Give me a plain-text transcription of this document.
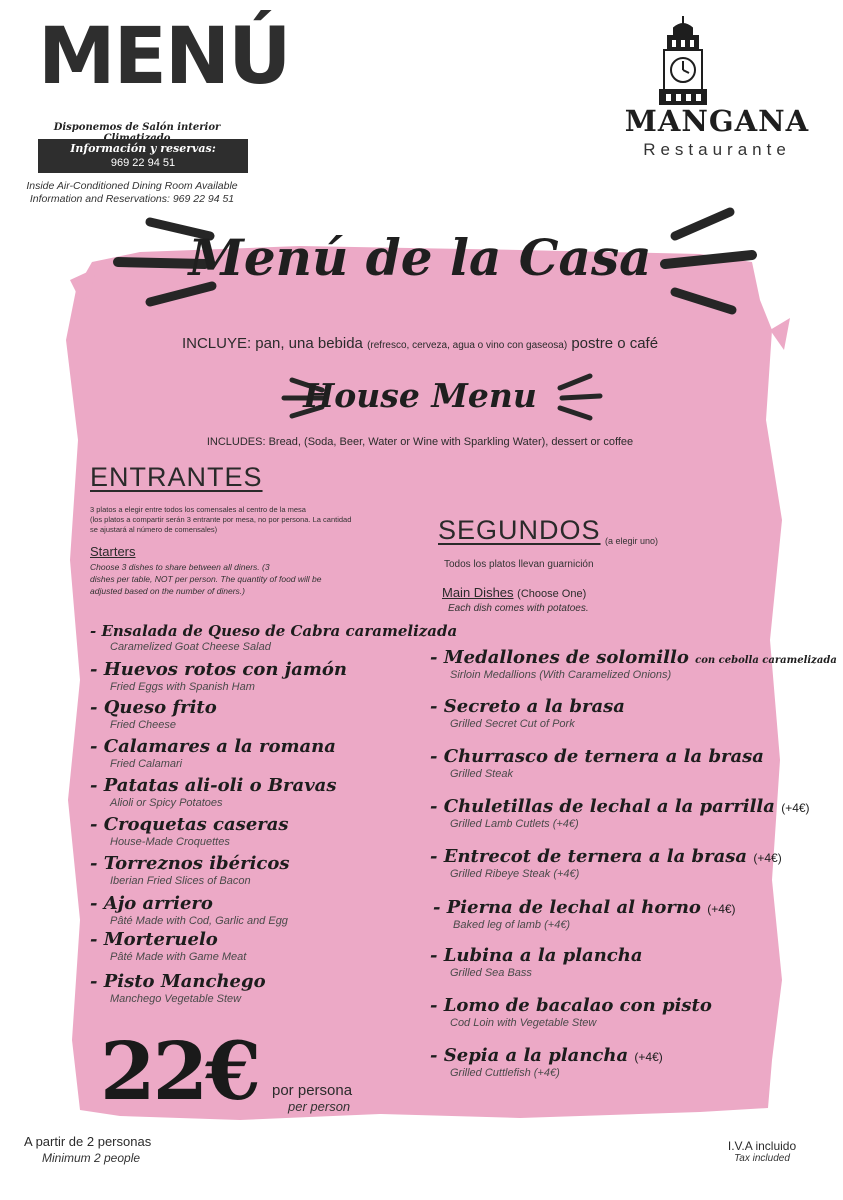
MENÚ
Disponemos de Salón interior
Información y reservas:
969 22 94 51
Inside Air-Conditioned Dining Room Available
Information and Reservations: 969 22 94 51
MANGANA
Restaurante
Menú de la Casa
INCLUYE: pan, una bebida (refresco, cerveza, agua o vino con gaseosa) postre o café
House Menu
INCLUDES: Bread, (Soda, Beer, Water or Wine with Sparkling Water), dessert or coffee
ENTRANTES
3 platos a elegir entre todos los comensales al centro de la mesa
(los platos a compartir serán 3 entrante por mesa, no por persona. La cantidad
se ajustará al número de comensales)
Starters
Choose 3 dishes to share between all diners. (3
dishes per table, NOT per person. The quantity of food will be
adjusted based on the number of diners.)
- Ensalada de Queso de Cabra caramelizada
Caramelized Goat Cheese Salad
- Huevos rotos con jamón
Fried Eggs with Spanish Ham
- Queso frito
Fried Cheese
- Calamares a la romana
Fried Calamari
- Patatas ali-oli o Bravas
Alioli or Spicy Potatoes
- Croquetas caseras
House-Made Croquettes
- Torreznos ibéricos
Iberian Fried Slices of Bacon
- Ajo arriero
Pâté Made with Cod, Garlic and Egg
- Morteruelo
Pâté Made with Game Meat
- Pisto Manchego
Manchego Vegetable Stew
SEGUNDOS (a elegir uno)
Todos los platos llevan guarnición
Main Dishes (Choose One)
Each dish comes with potatoes.
- Medallones de solomillo con cebolla caramelizada
Sirloin Medallions (With Caramelized Onions)
- Secreto a la brasa
Grilled Secret Cut of Pork
- Churrasco de ternera a la brasa
Grilled Steak
- Chuletillas de lechal a la parrilla (+4€)
Grilled Lamb Cutlets (+4€)
- Entrecot de ternera a la brasa (+4€)
Grilled Ribeye Steak (+4€)
- Pierna de lechal al horno (+4€)
Baked leg of lamb (+4€)
- Lubina a la plancha
Grilled Sea Bass
- Lomo de bacalao con pisto
Cod Loin with Vegetable Stew
- Sepia a la plancha (+4€)
Grilled Cuttlefish (+4€)
22€ por persona
per person
A partir de 2 personas
Minimum 2 people
I.V.A incluido
Tax included
